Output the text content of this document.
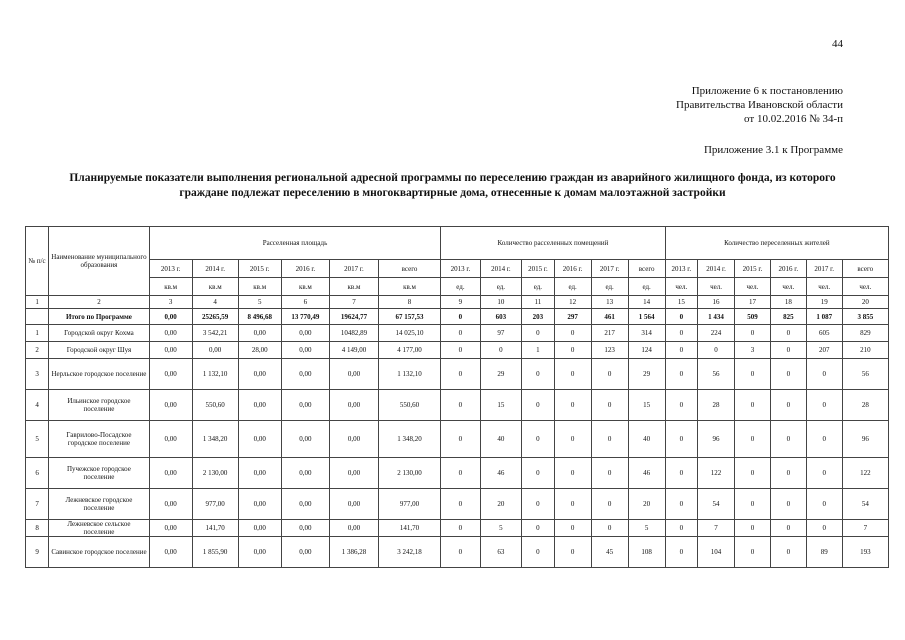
44
Приложение 6 к постановлению
Правительства Ивановской области
от 10.02.2016 № 34-п
Приложение 3.1 к Программе
Планируемые показатели выполнения региональной адресной программы по переселению граждан из аварийного жилищного фонда, из которого граждане подлежат переселению в многоквартирные дома, отнесенные к домам малоэтажной застройки
№ п/с	Наименование муниципального образования	Расселенная площадь						Количество расселенных помещений						Количество переселенных жителей					
		2013 г.	2014 г.	2015 г.	2016 г.	2017 г.	всего	2013 г.	2014 г.	2015 г.	2016 г.	2017 г.	всего	2013 г.	2014 г.	2015 г.	2016 г.	2017 г.	всего
		кв.м	кв.м	кв.м	кв.м	кв.м	кв.м	ед.	ед.	ед.	ед.	ед.	ед.	чел.	чел.	чел.	чел.	чел.	чел.
1	2	3	4	5	6	7	8	9	10	11	12	13	14	15	16	17	18	19	20
	Итого по Программе	0,00	25265,59	8 496,68	13 770,49	19624,77	67 157,53	0	603	203	297	461	1 564	0	1 434	509	825	1 087	3 855
1	Городской округ Кохма	0,00	3 542,21	0,00	0,00	10482,89	14 025,10	0	97	0	0	217	314	0	224	0	0	605	829
2	Городской округ Шуя	0,00	0,00	28,00	0,00	4 149,00	4 177,00	0	0	1	0	123	124	0	0	3	0	207	210
3	Нерльское городское поселение	0,00	1 132,10	0,00	0,00	0,00	1 132,10	0	29	0	0	0	29	0	56	0	0	0	56
4	Ильинское городское поселение	0,00	550,60	0,00	0,00	0,00	550,60	0	15	0	0	0	15	0	28	0	0	0	28
5	Гаврилово-Посадское городское поселение	0,00	1 348,20	0,00	0,00	0,00	1 348,20	0	40	0	0	0	40	0	96	0	0	0	96
6	Пучежское городское поселение	0,00	2 130,00	0,00	0,00	0,00	2 130,00	0	46	0	0	0	46	0	122	0	0	0	122
7	Лежневское городское поселение	0,00	977,00	0,00	0,00	0,00	977,00	0	20	0	0	0	20	0	54	0	0	0	54
8	Лежневское сельское поселение	0,00	141,70	0,00	0,00	0,00	141,70	0	5	0	0	0	5	0	7	0	0	0	7
9	Савинское городское поселение	0,00	1 855,90	0,00	0,00	1 386,28	3 242,18	0	63	0	0	45	108	0	104	0	0	89	193
